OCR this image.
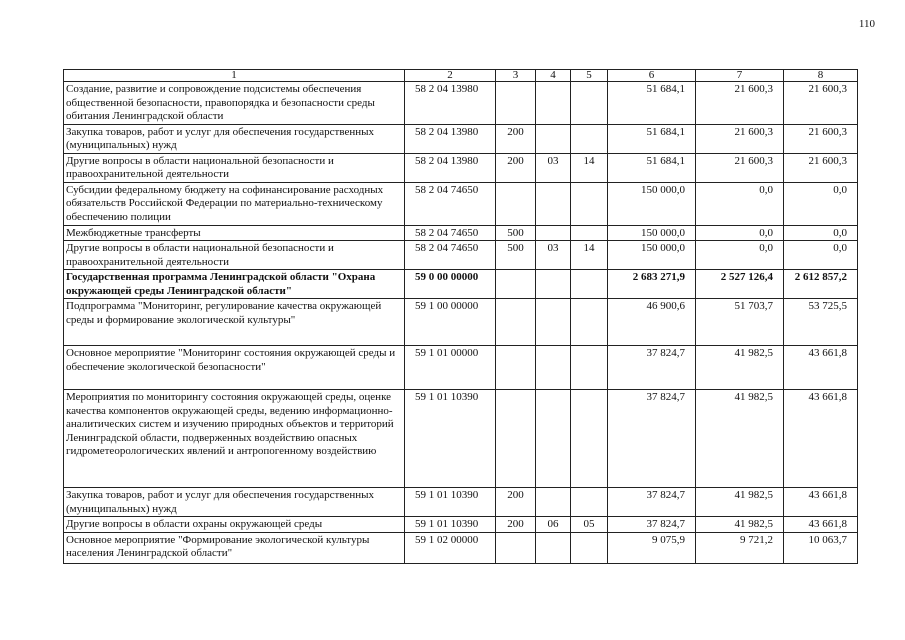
110
1	2	3	4	5	6	7	8
Создание, развитие и сопровождение подсистемы обеспечения общественной безопасности, правопорядка и безопасности среды обитания Ленинградской области	58 2 04 13980				51 684,1	21 600,3	21 600,3
Закупка товаров, работ и услуг для обеспечения государственных (муниципальных) нужд	58 2 04 13980	200			51 684,1	21 600,3	21 600,3
Другие вопросы в области национальной безопасности и правоохранительной деятельности	58 2 04 13980	200	03	14	51 684,1	21 600,3	21 600,3
Субсидии федеральному бюджету на софинансирование расходных обязательств Российской Федерации по материально-техническому обеспечению полиции	58 2 04 74650				150 000,0	0,0	0,0
Межбюджетные трансферты	58 2 04 74650	500			150 000,0	0,0	0,0
Другие вопросы в области национальной безопасности и правоохранительной деятельности	58 2 04 74650	500	03	14	150 000,0	0,0	0,0
Государственная программа Ленинградской области "Охрана окружающей среды Ленинградской области"	59 0 00 00000				2 683 271,9	2 527 126,4	2 612 857,2
Подпрограмма "Мониторинг, регулирование качества окружающей среды и формирование экологической культуры"	59 1 00 00000				46 900,6	51 703,7	53 725,5
Основное мероприятие "Мониторинг состояния окружающей среды и обеспечение экологической безопасности"	59 1 01 00000				37 824,7	41 982,5	43 661,8
Мероприятия по мониторингу состояния окружающей среды, оценке качества компонентов окружающей среды, ведению информационно-аналитических систем и изучению природных объектов и территорий Ленинградской области, подверженных воздействию опасных гидрометеорологических явлений и антропогенному воздействию	59 1 01 10390				37 824,7	41 982,5	43 661,8
Закупка товаров, работ и услуг для обеспечения государственных (муниципальных) нужд	59 1 01 10390	200			37 824,7	41 982,5	43 661,8
Другие вопросы в области охраны окружающей среды	59 1 01 10390	200	06	05	37 824,7	41 982,5	43 661,8
Основное мероприятие "Формирование экологической культуры населения Ленинградской области"	59 1 02 00000				9 075,9	9 721,2	10 063,7
